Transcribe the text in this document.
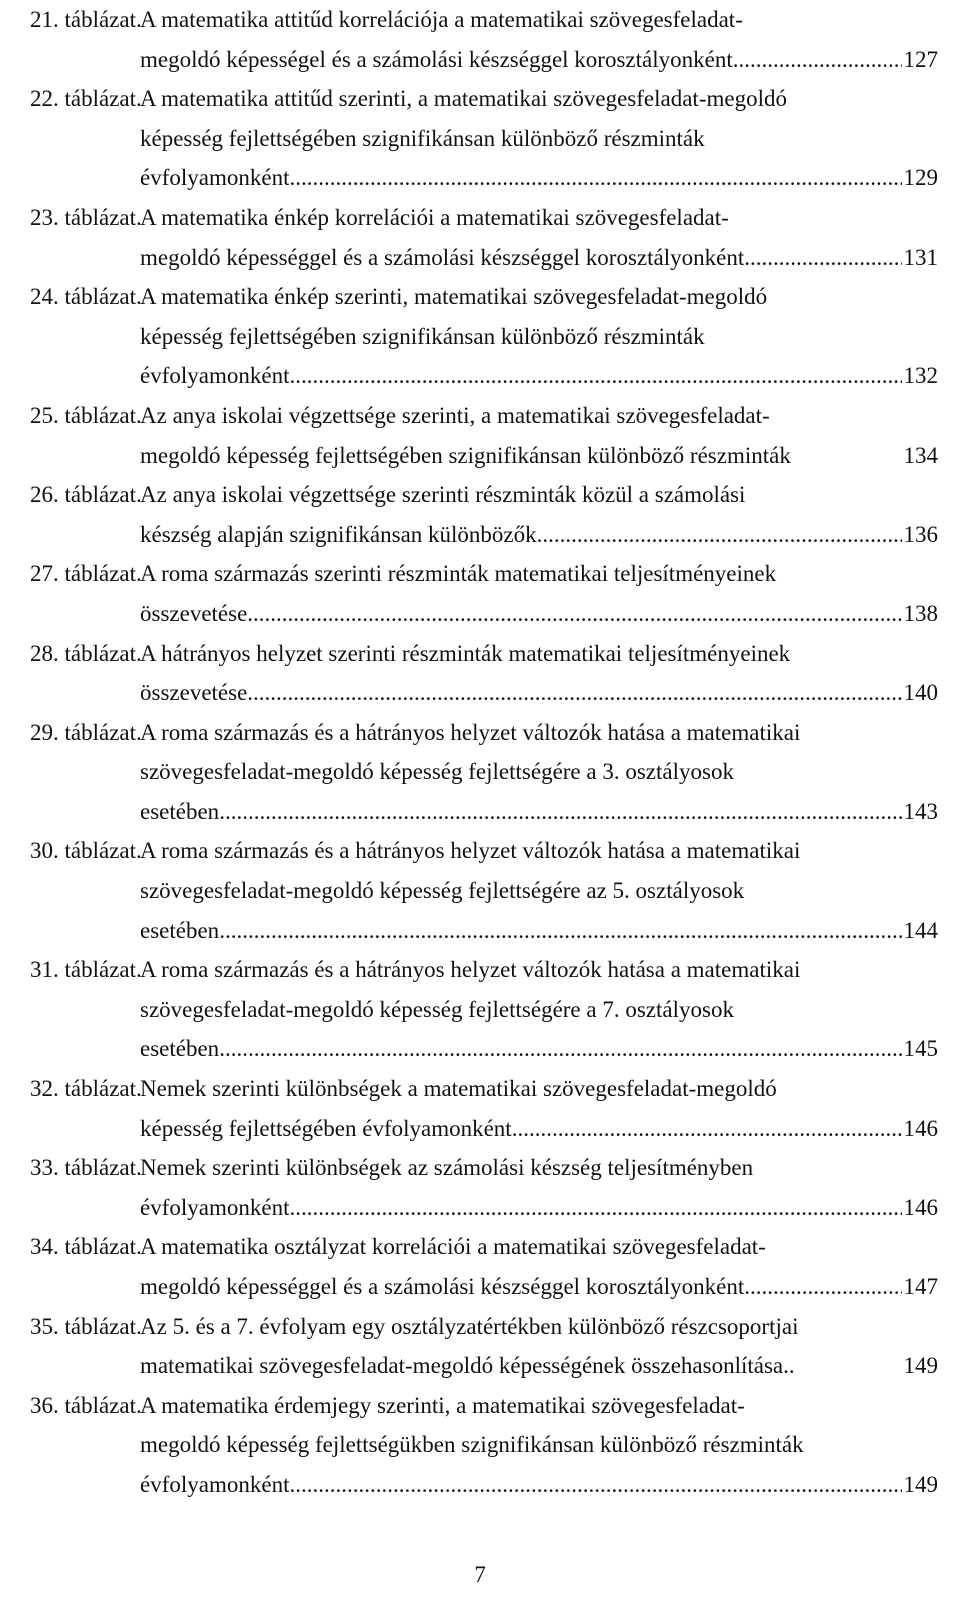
21. táblázat.A matematika attitűd korrelációja a matematikai szövegesfeladat-
megoldó képességel és a számolási készséggel korosztályonként .....	127
22. táblázat.A matematika attitűd szerinti, a matematikai szövegesfeladat-megoldó
képesség fejlettségében szignifikánsan különböző részminták
évfolyamonként .....	129
23. táblázat.A matematika énkép korrelációi a matematikai szövegesfeladat-
megoldó képességgel és a számolási készséggel korosztályonként .....	131
24. táblázat.A matematika énkép szerinti, matematikai szövegesfeladat-megoldó
képesség fejlettségében szignifikánsan különböző részminták
évfolyamonként .....	132
25. táblázat.Az anya iskolai végzettsége szerinti, a matematikai szövegesfeladat-
megoldó képesség fejlettségében szignifikánsan különböző részminták	134
26. táblázat.Az anya iskolai végzettsége szerinti részminták közül a számolási
készség alapján szignifikánsan különbözők .....	136
27. táblázat.A roma származás szerinti részminták matematikai teljesítményeinek
összevetése .....	138
28. táblázat.A hátrányos helyzet szerinti részminták matematikai teljesítményeinek
összevetése .....	140
29. táblázat.A roma származás és a hátrányos helyzet változók hatása a matematikai
szövegesfeladat-megoldó képesség fejlettségére a 3. osztályosok
esetében .....	143
30. táblázat.A roma származás és a hátrányos helyzet változók hatása a matematikai
szövegesfeladat-megoldó képesség fejlettségére az 5. osztályosok
esetében .....	144
31. táblázat.A roma származás és a hátrányos helyzet változók hatása a matematikai
szövegesfeladat-megoldó képesség fejlettségére a 7. osztályosok
esetében .....	145
32. táblázat.Nemek szerinti különbségek a matematikai szövegesfeladat-megoldó
képesség fejlettségében évfolyamonként .....	146
33. táblázat.Nemek szerinti különbségek az számolási készség teljesítményben
évfolyamonként .....	146
34. táblázat.A matematika osztályzat korrelációi a matematikai szövegesfeladat-
megoldó képességgel és a számolási készséggel korosztályonként .....	147
35. táblázat.Az 5. és a 7. évfolyam egy osztályzatértékben különböző részcsoportjai
matematikai szövegesfeladat-megoldó képességének összehasonlítása..	149
36. táblázat.A matematika érdemjegy szerinti, a matematikai szövegesfeladat-
megoldó képesség fejlettségükben szignifikánsan különböző részminták
évfolyamonként .....	149
7
